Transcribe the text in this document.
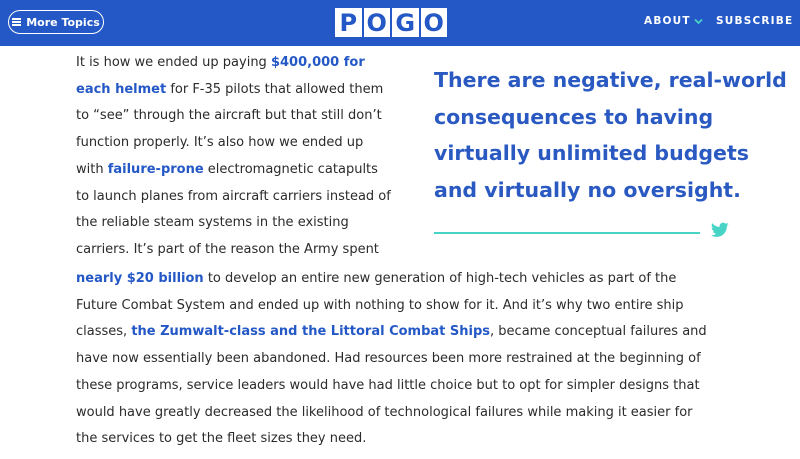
More Topics	P O G O	ABOUT SUBSCRIBE

It is how we ended up paying $400,000 for each helmet for F-35 pilots that allowed them to “see” through the aircraft but that still don’t function properly. It’s also how we ended up with failure-prone electromagnetic catapults to launch planes from aircraft carriers instead of the reliable steam systems in the existing carriers. It’s part of the reason the Army spent

There are negative, real-world consequences to having virtually unlimited budgets and virtually no oversight.

nearly $20 billion to develop an entire new generation of high-tech vehicles as part of the Future Combat System and ended up with nothing to show for it. And it’s why two entire ship classes, the Zumwalt-class and the Littoral Combat Ships, became conceptual failures and have now essentially been abandoned. Had resources been more restrained at the beginning of these programs, service leaders would have had little choice but to opt for simpler designs that would have greatly decreased the likelihood of technological failures while making it easier for the services to get the fleet sizes they need.
